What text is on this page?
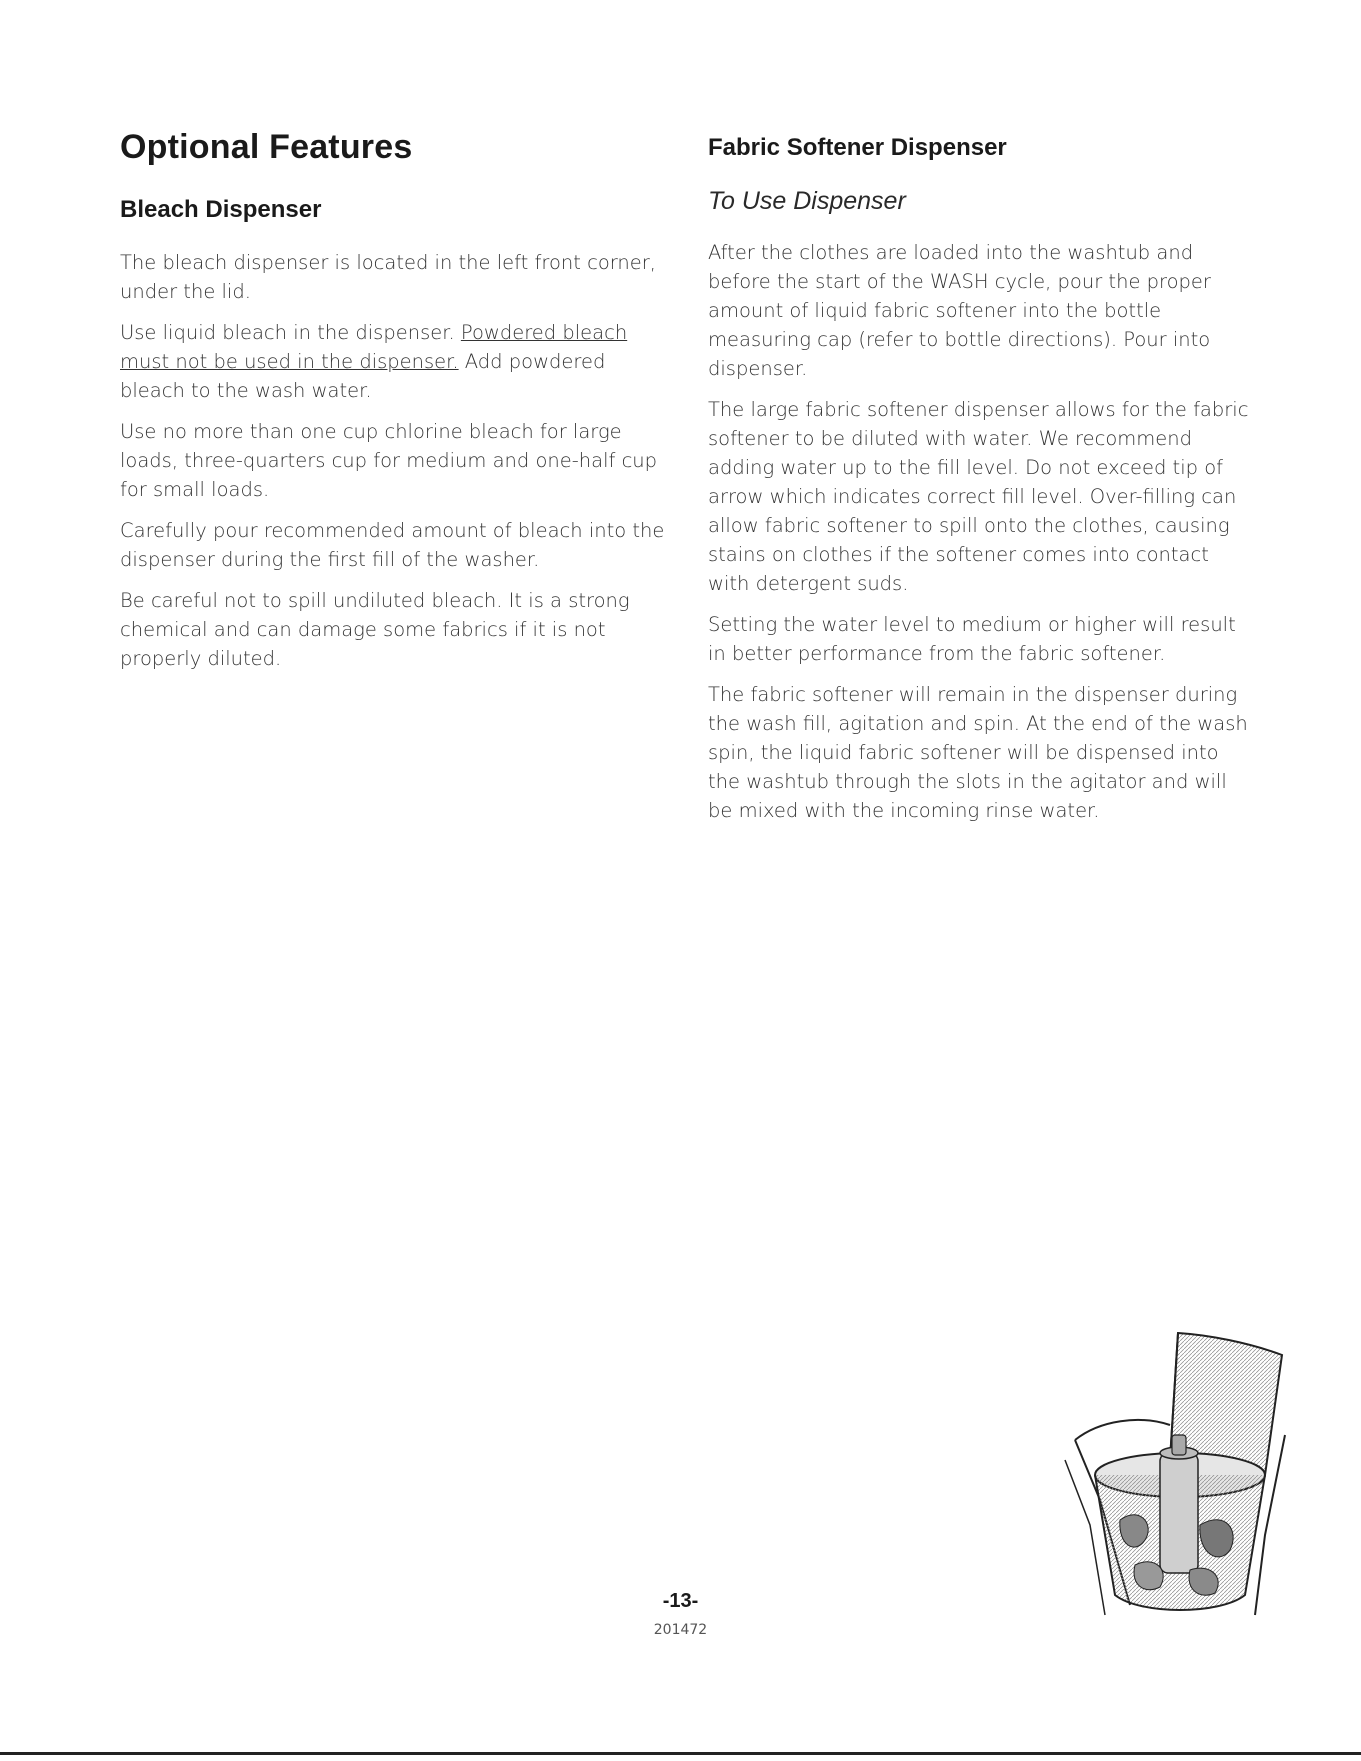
Optional Features
Bleach Dispenser

The bleach dispenser is located in the left front corner, under the lid.

Use liquid bleach in the dispenser. Powdered bleach must not be used in the dispenser. Add powdered bleach to the wash water.

Use no more than one cup chlorine bleach for large loads, three-quarters cup for medium and one-half cup for small loads.

Carefully pour recommended amount of bleach into the dispenser during the first fill of the washer.

Be careful not to spill undiluted bleach. It is a strong chemical and can damage some fabrics if it is not properly diluted.

Fabric Softener Dispenser
To Use Dispenser

After the clothes are loaded into the washtub and before the start of the WASH cycle, pour the proper amount of liquid fabric softener into the bottle measuring cap (refer to bottle directions). Pour into dispenser.

The large fabric softener dispenser allows for the fabric softener to be diluted with water. We recommend adding water up to the fill level. Do not exceed tip of arrow which indicates correct fill level. Over-filling can allow fabric softener to spill onto the clothes, causing stains on clothes if the softener comes into contact with detergent suds.

Setting the water level to medium or higher will result in better performance from the fabric softener.

The fabric softener will remain in the dispenser during the wash fill, agitation and spin. At the end of the wash spin, the liquid fabric softener will be dispensed into the washtub through the slots in the agitator and will be mixed with the incoming rinse water.

-13-
201472
